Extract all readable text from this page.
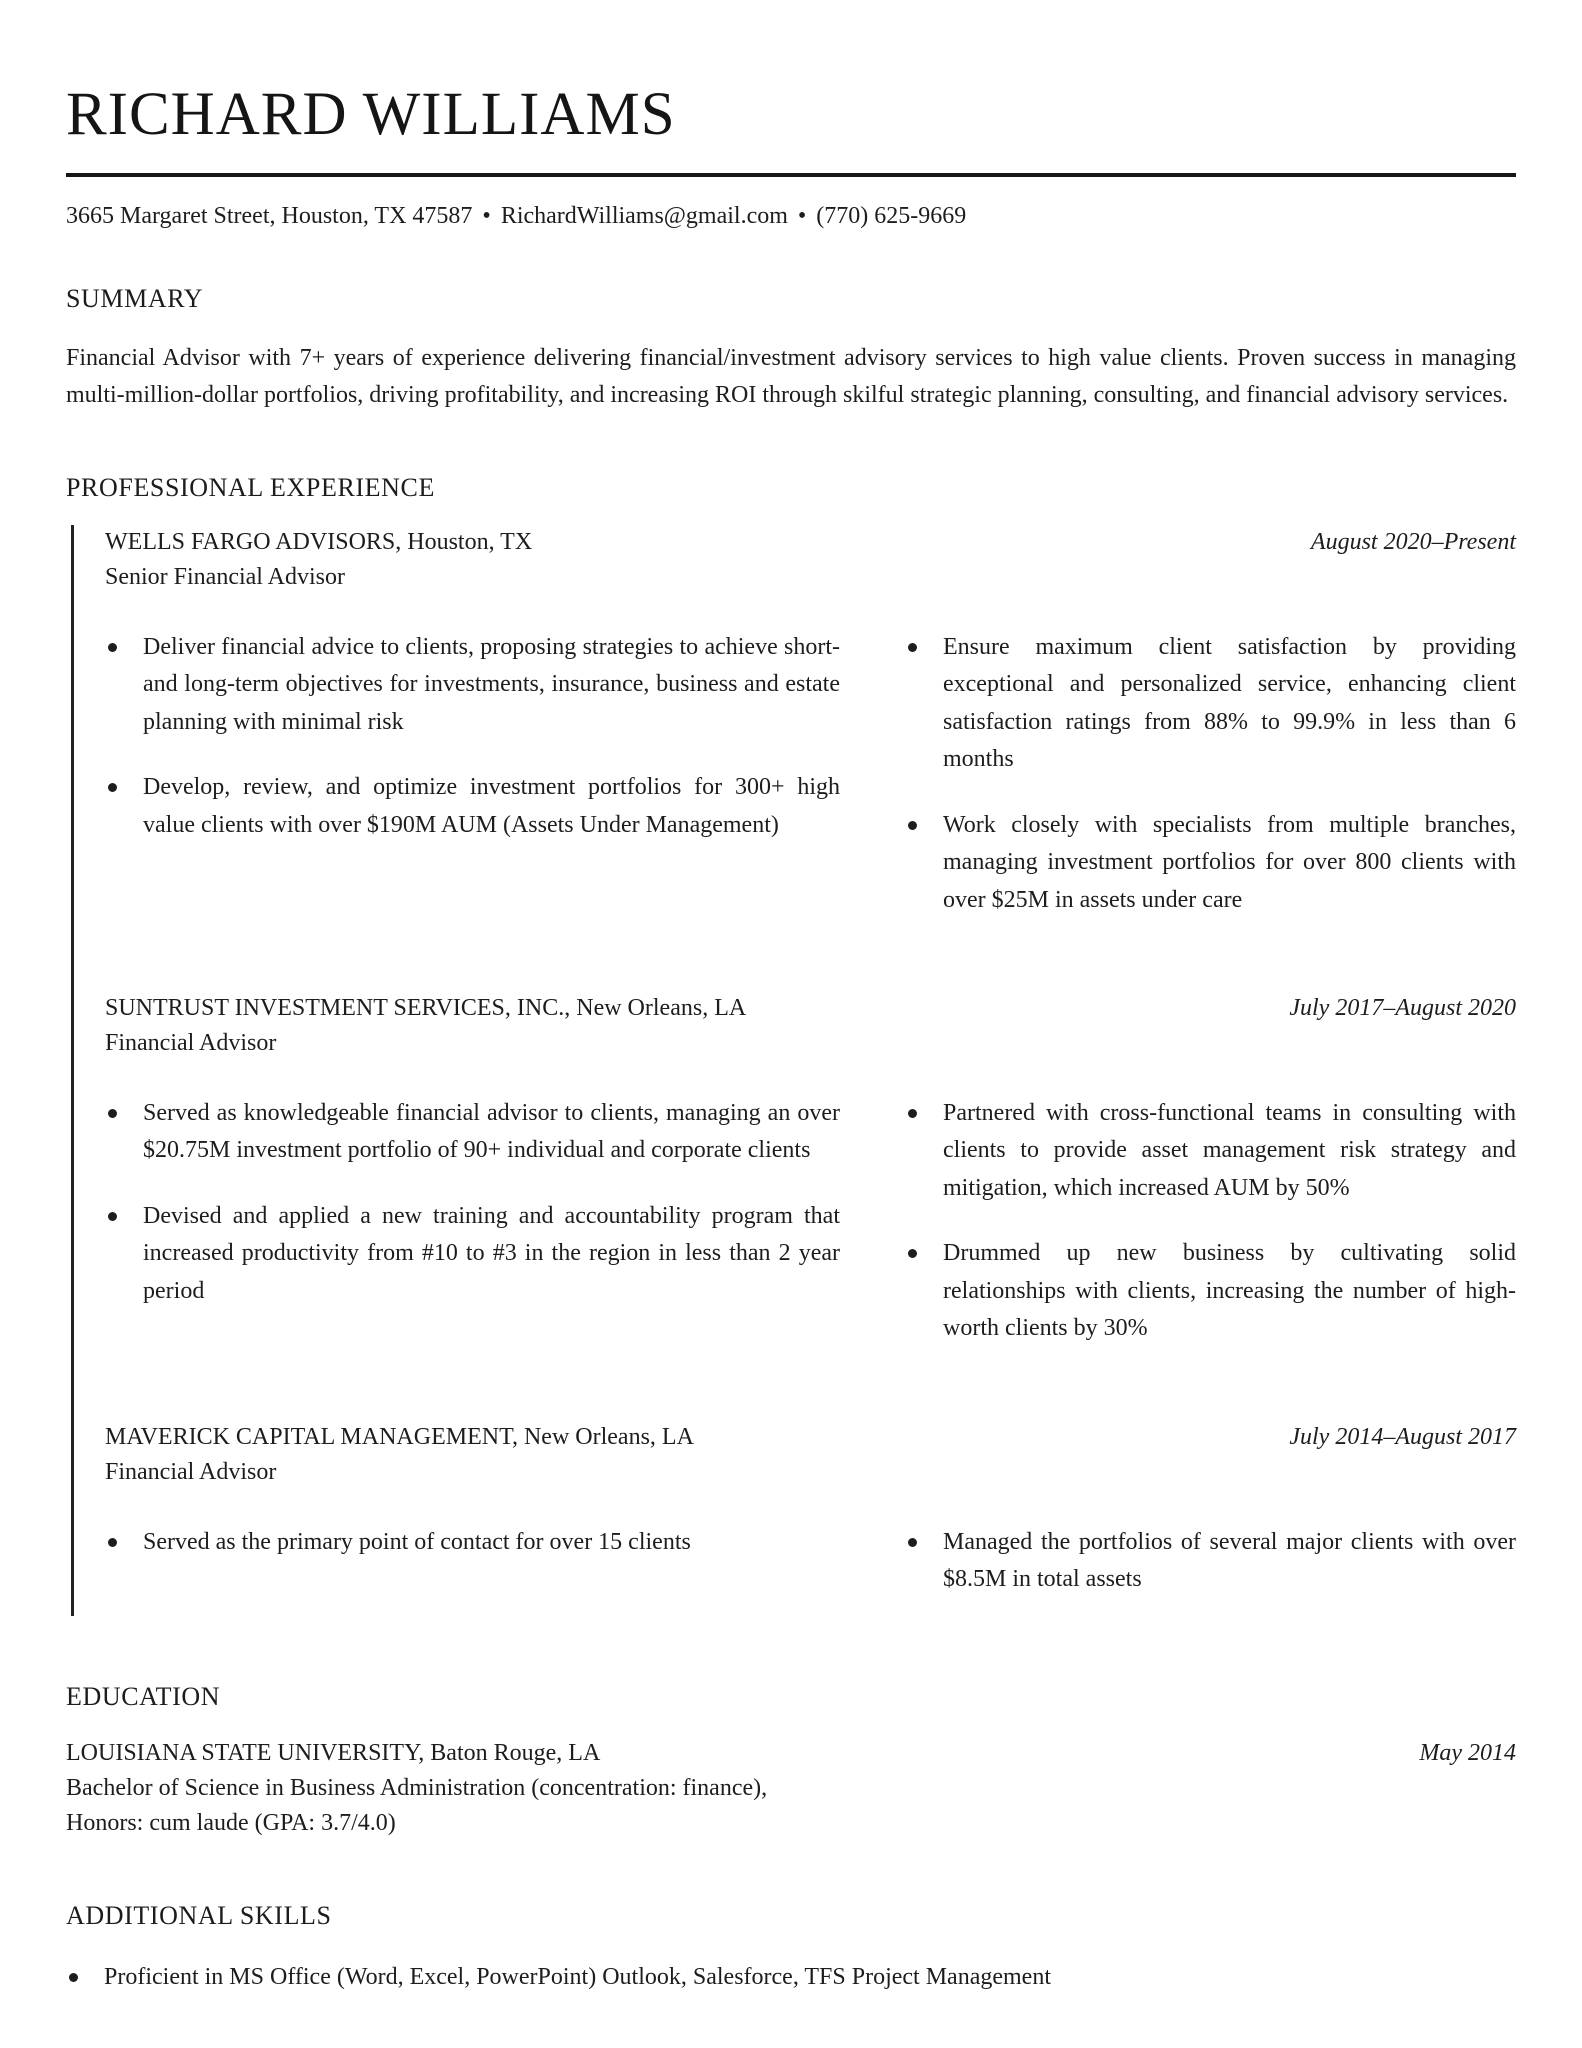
RICHARD WILLIAMS
3665 Margaret Street, Houston, TX 47587 • RichardWilliams@gmail.com • (770) 625-9669
SUMMARY

Financial Advisor with 7+ years of experience delivering financial/investment advisory services to high value clients. Proven success in managing multi-million-dollar portfolios, driving profitability, and increasing ROI through skilful strategic planning, consulting, and financial advisory services.

PROFESSIONAL EXPERIENCE
WELLS FARGO ADVISORS, Houston, TX	August 2020–Present
Senior Financial Advisor
Deliver financial advice to clients, proposing strategies to achieve short- and long-term objectives for investments, insurance, business and estate planning with minimal risk
Develop, review, and optimize investment portfolios for 300+ high value clients with over $190M AUM (Assets Under Management)
Ensure maximum client satisfaction by providing exceptional and personalized service, enhancing client satisfaction ratings from 88% to 99.9% in less than 6 months
Work closely with specialists from multiple branches, managing investment portfolios for over 800 clients with over $25M in assets under care
SUNTRUST INVESTMENT SERVICES, INC., New Orleans, LA	July 2017–August 2020
Financial Advisor
Served as knowledgeable financial advisor to clients, managing an over $20.75M investment portfolio of 90+ individual and corporate clients
Devised and applied a new training and accountability program that increased productivity from #10 to #3 in the region in less than 2 year period
Partnered with cross-functional teams in consulting with clients to provide asset management risk strategy and mitigation, which increased AUM by 50%
Drummed up new business by cultivating solid relationships with clients, increasing the number of high-worth clients by 30%
MAVERICK CAPITAL MANAGEMENT, New Orleans, LA	July 2014–August 2017
Financial Advisor
Served as the primary point of contact for over 15 clients	Managed the portfolios of several major clients with over $8.5M in total assets
EDUCATION
LOUISIANA STATE UNIVERSITY, Baton Rouge, LA	May 2014
Bachelor of Science in Business Administration (concentration: finance),
Honors: cum laude (GPA: 3.7/4.0)
ADDITIONAL SKILLS
Proficient in MS Office (Word, Excel, PowerPoint) Outlook, Salesforce, TFS Project Management
